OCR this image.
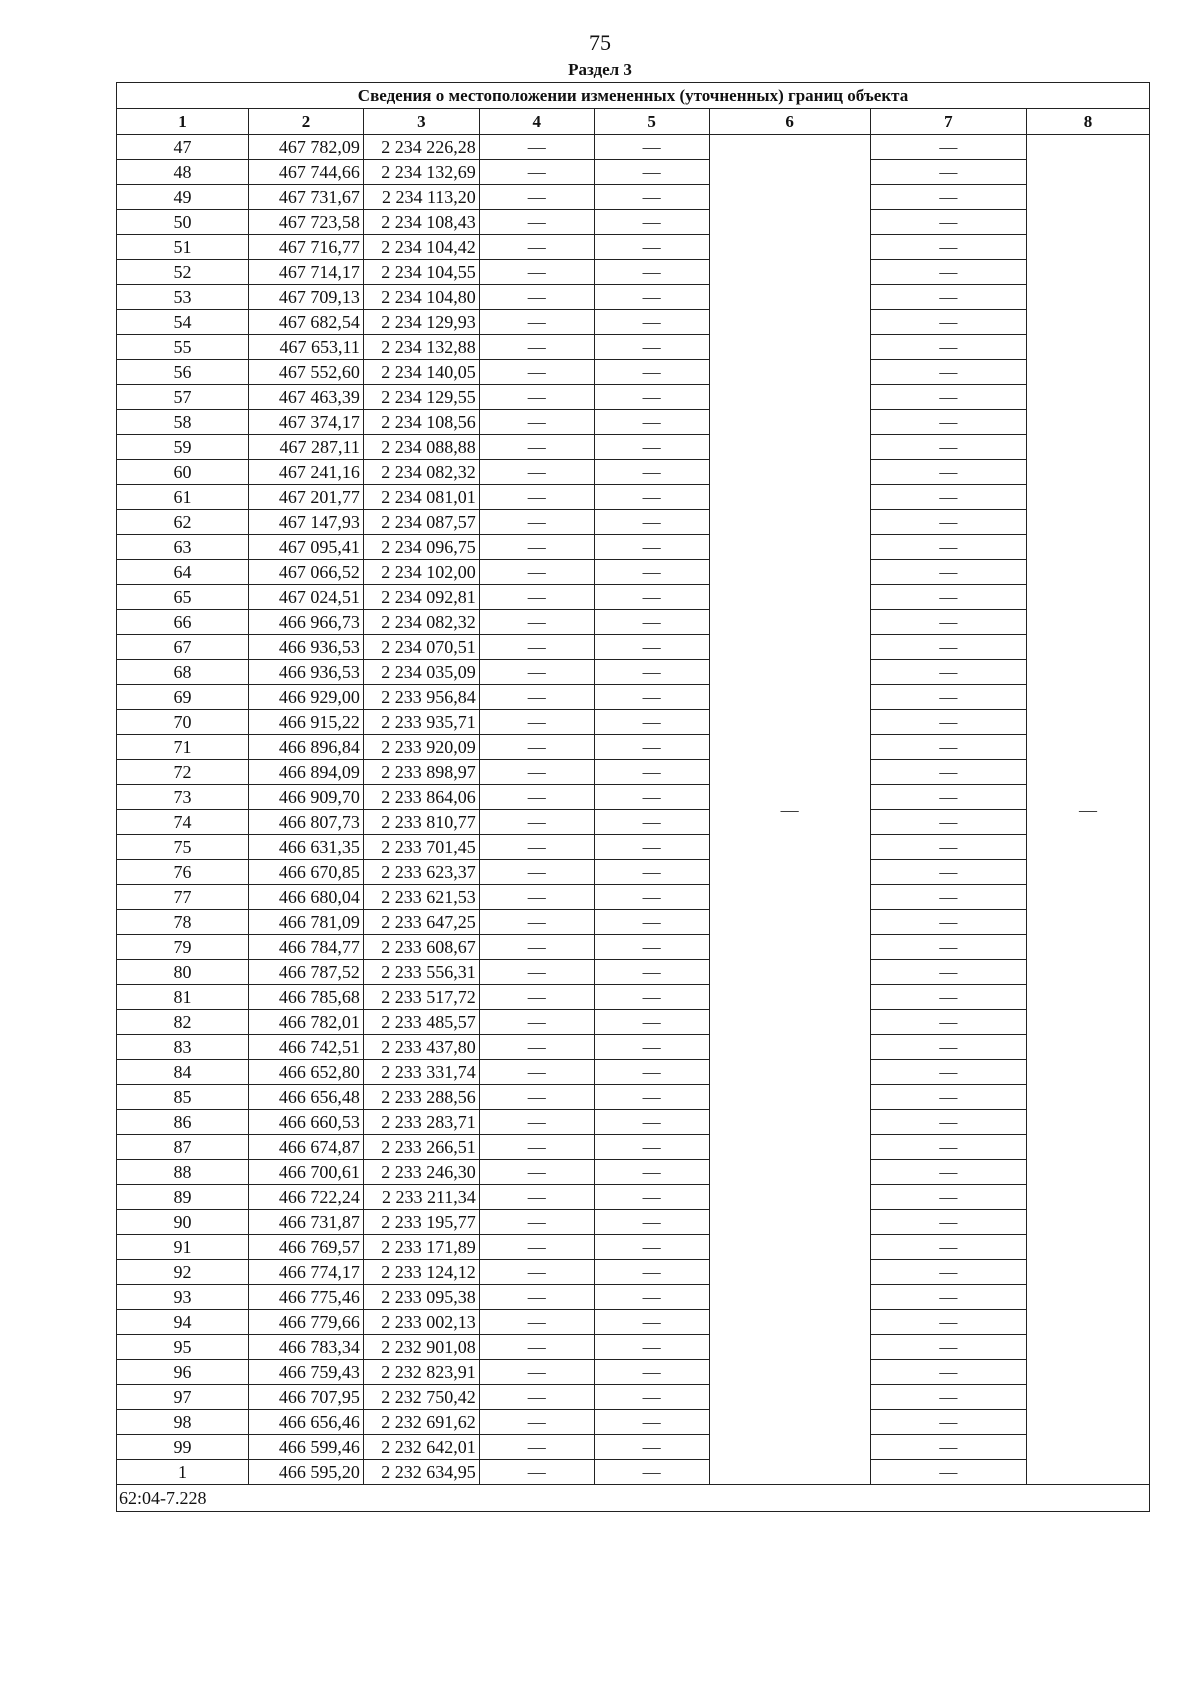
75
Раздел 3
Сведения о местоположении измененных (уточненных) границ объекта							
1	2	3	4	5	6	7	8
47	467 782,09	2 234 226,28	—	—	—	—	—
48	467 744,66	2 234 132,69	—	—		—	
49	467 731,67	2 234 113,20	—	—		—	
50	467 723,58	2 234 108,43	—	—		—	
51	467 716,77	2 234 104,42	—	—		—	
52	467 714,17	2 234 104,55	—	—		—	
53	467 709,13	2 234 104,80	—	—		—	
54	467 682,54	2 234 129,93	—	—		—	
55	467 653,11	2 234 132,88	—	—		—	
56	467 552,60	2 234 140,05	—	—		—	
57	467 463,39	2 234 129,55	—	—		—	
58	467 374,17	2 234 108,56	—	—		—	
59	467 287,11	2 234 088,88	—	—		—	
60	467 241,16	2 234 082,32	—	—		—	
61	467 201,77	2 234 081,01	—	—		—	
62	467 147,93	2 234 087,57	—	—		—	
63	467 095,41	2 234 096,75	—	—		—	
64	467 066,52	2 234 102,00	—	—		—	
65	467 024,51	2 234 092,81	—	—		—	
66	466 966,73	2 234 082,32	—	—		—	
67	466 936,53	2 234 070,51	—	—		—	
68	466 936,53	2 234 035,09	—	—		—	
69	466 929,00	2 233 956,84	—	—		—	
70	466 915,22	2 233 935,71	—	—		—	
71	466 896,84	2 233 920,09	—	—		—	
72	466 894,09	2 233 898,97	—	—		—	
73	466 909,70	2 233 864,06	—	—		—	
74	466 807,73	2 233 810,77	—	—		—	
75	466 631,35	2 233 701,45	—	—		—	
76	466 670,85	2 233 623,37	—	—		—	
77	466 680,04	2 233 621,53	—	—		—	
78	466 781,09	2 233 647,25	—	—		—	
79	466 784,77	2 233 608,67	—	—		—	
80	466 787,52	2 233 556,31	—	—		—	
81	466 785,68	2 233 517,72	—	—		—	
82	466 782,01	2 233 485,57	—	—		—	
83	466 742,51	2 233 437,80	—	—		—	
84	466 652,80	2 233 331,74	—	—		—	
85	466 656,48	2 233 288,56	—	—		—	
86	466 660,53	2 233 283,71	—	—		—	
87	466 674,87	2 233 266,51	—	—		—	
88	466 700,61	2 233 246,30	—	—		—	
89	466 722,24	2 233 211,34	—	—		—	
90	466 731,87	2 233 195,77	—	—		—	
91	466 769,57	2 233 171,89	—	—		—	
92	466 774,17	2 233 124,12	—	—		—	
93	466 775,46	2 233 095,38	—	—		—	
94	466 779,66	2 233 002,13	—	—		—	
95	466 783,34	2 232 901,08	—	—		—	
96	466 759,43	2 232 823,91	—	—		—	
97	466 707,95	2 232 750,42	—	—		—	
98	466 656,46	2 232 691,62	—	—		—	
99	466 599,46	2 232 642,01	—	—		—	
1	466 595,20	2 232 634,95	—	—		—	
62:04-7.228							
